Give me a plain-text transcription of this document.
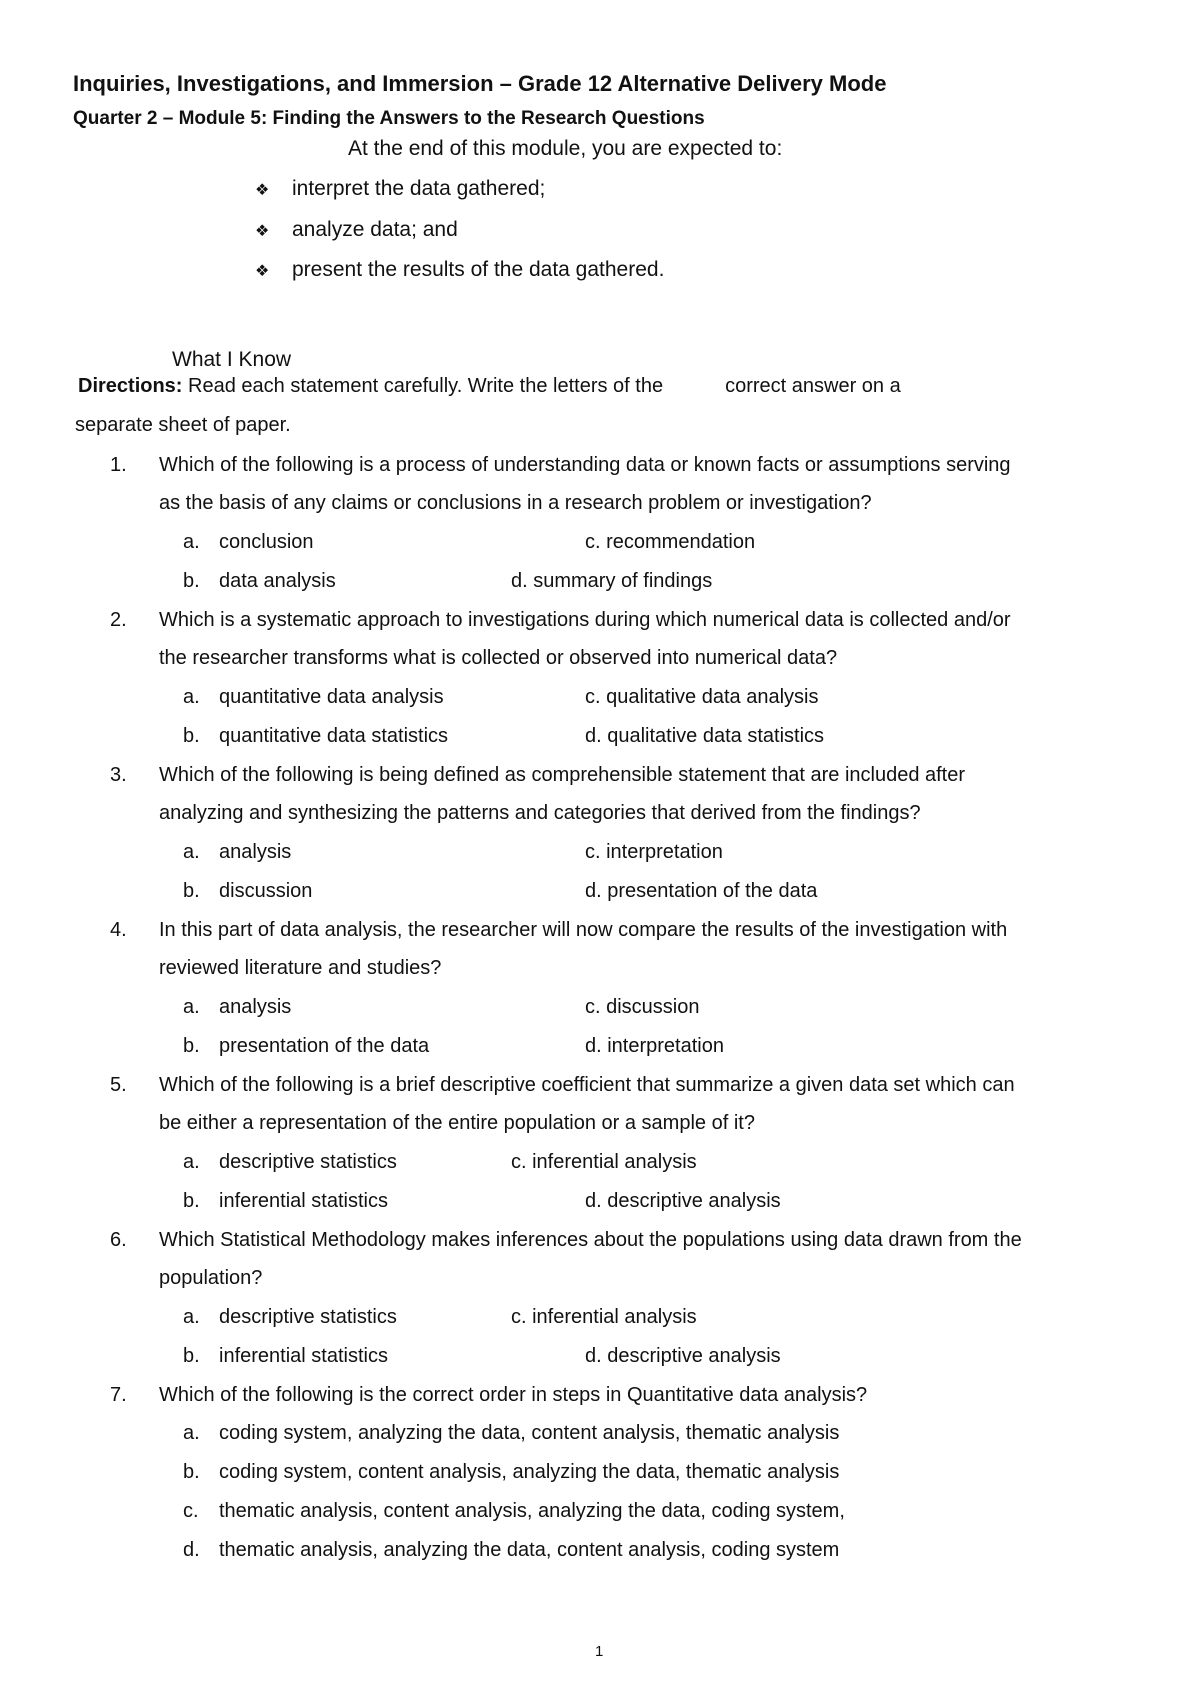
Inquiries, Investigations, and Immersion – Grade 12 Alternative Delivery Mode
Quarter 2 – Module 5: Finding the Answers to the Research Questions
At the end of this module, you are expected to:
❖ interpret the data gathered;
❖ analyze data; and
❖ present the results of the data gathered.
What I Know
Directions: Read each statement carefully. Write the letters of the	correct answer on a
separate sheet of paper.
1. Which of the following is a process of understanding data or known facts or assumptions serving
as the basis of any claims or conclusions in a research problem or investigation?
a. conclusion	c. recommendation
b. data analysis	d. summary of findings
2. Which is a systematic approach to investigations during which numerical data is collected and/or
the researcher transforms what is collected or observed into numerical data?
a. quantitative data analysis	c. qualitative data analysis
b. quantitative data statistics	d. qualitative data statistics
3. Which of the following is being defined as comprehensible statement that are included after
analyzing and synthesizing the patterns and categories that derived from the findings?
a. analysis	c. interpretation
b. discussion	d. presentation of the data
4. In this part of data analysis, the researcher will now compare the results of the investigation with
reviewed literature and studies?
a. analysis	c. discussion
b. presentation of the data	d. interpretation
5. Which of the following is a brief descriptive coefficient that summarize a given data set which can
be either a representation of the entire population or a sample of it?
a. descriptive statistics	c. inferential analysis
b. inferential statistics	d. descriptive analysis
6. Which Statistical Methodology makes inferences about the populations using data drawn from the
population?
a. descriptive statistics	c. inferential analysis
b. inferential statistics	d. descriptive analysis
7. Which of the following is the correct order in steps in Quantitative data analysis?
a. coding system, analyzing the data, content analysis, thematic analysis
b. coding system, content analysis, analyzing the data, thematic analysis
c. thematic analysis, content analysis, analyzing the data, coding system,
d. thematic analysis, analyzing the data, content analysis, coding system
1
